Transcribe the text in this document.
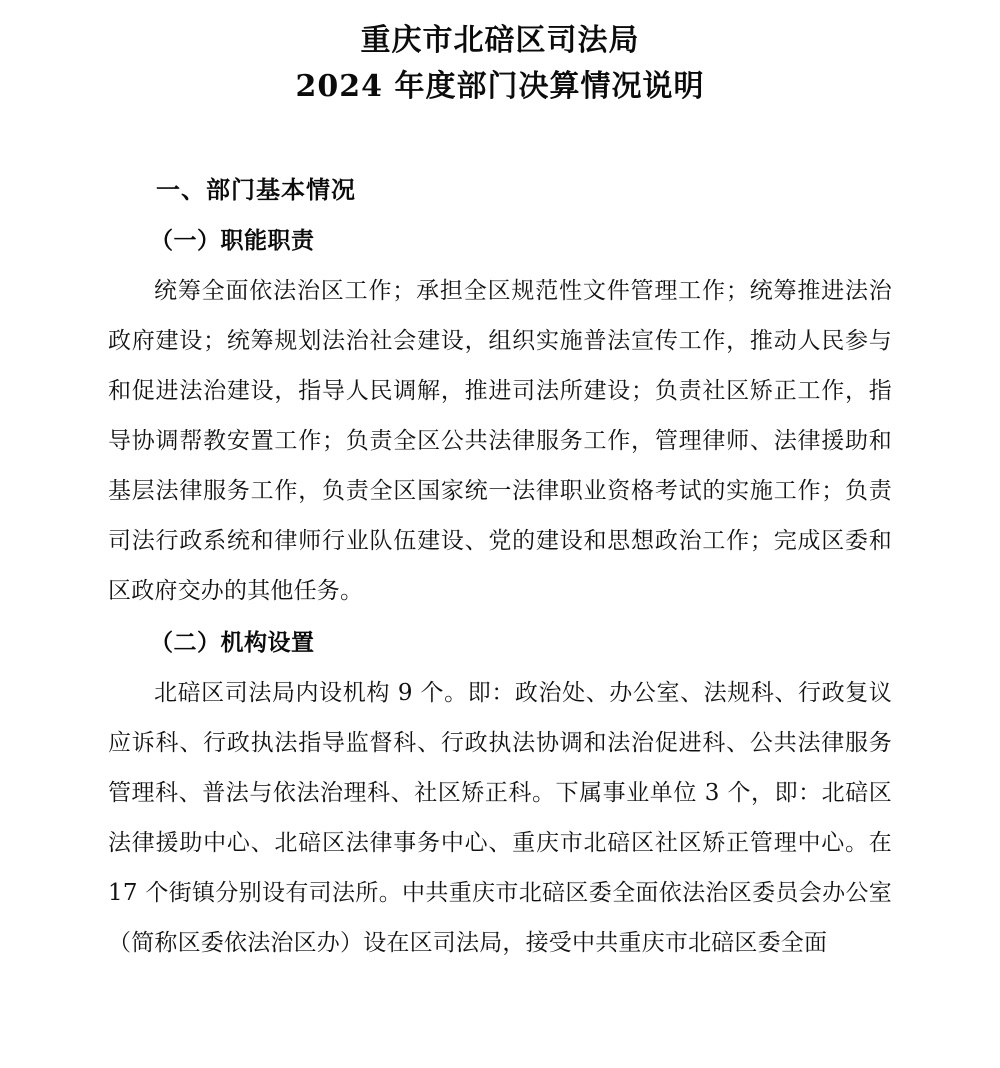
重庆市北碚区司法局
2024 年度部门决算情况说明
一、部门基本情况
（一）职能职责

统筹全面依法治区工作；承担全区规范性文件管理工作；统筹推进法治政府建设；统筹规划法治社会建设，组织实施普法宣传工作，推动人民参与和促进法治建设，指导人民调解，推进司法所建设；负责社区矫正工作，指导协调帮教安置工作；负责全区公共法律服务工作，管理律师、法律援助和基层法律服务工作，负责全区国家统一法律职业资格考试的实施工作；负责司法行政系统和律师行业队伍建设、党的建设和思想政治工作；完成区委和区政府交办的其他任务。

（二）机构设置

北碚区司法局内设机构 9 个。即：政治处、办公室、法规科、行政复议应诉科、行政执法指导监督科、行政执法协调和法治促进科、公共法律服务管理科、普法与依法治理科、社区矫正科。下属事业单位 3 个，即：北碚区法律援助中心、北碚区法律事务中心、重庆市北碚区社区矫正管理中心。在 17 个街镇分别设有司法所。中共重庆市北碚区委全面依法治区委员会办公室（简称区委依法治区办）设在区司法局，接受中共重庆市北碚区委全面
